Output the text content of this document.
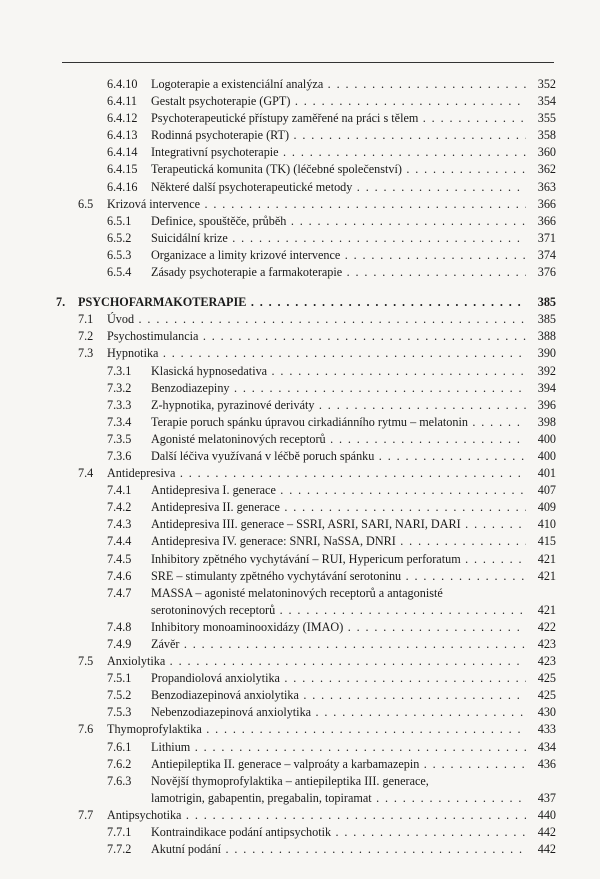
6.4.10 Logoterapie a existenciální analýza . . .	352
6.4.11 Gestalt psychoterapie (GPT) . . .	354
6.4.12 Psychoterapeutické přístupy zaměřené na práci s tělem . . .	355
6.4.13 Rodinná psychoterapie (RT) . . .	358
6.4.14 Integrativní psychoterapie . . .	360
6.4.15 Terapeutická komunita (TK) (léčebné společenství) . . .	362
6.4.16 Některé další psychoterapeutické metody . . .	363
6.5 Krizová intervence . . .	366
6.5.1 Definice, spouštěče, průběh . . .	366
6.5.2 Suicidální krize . . .	371
6.5.3 Organizace a limity krizové intervence . . .	374
6.5.4 Zásady psychoterapie a farmakoterapie . . .	376
7. PSYCHOFARMAKOTERAPIE . . .	385
7.1 Úvod . . .	385
7.2 Psychostimulancia . . .	388
7.3 Hypnotika . . .	390
7.3.1 Klasická hypnosedativa . . .	392
7.3.2 Benzodiazepiny . . .	394
7.3.3 Z-hypnotika, pyrazinové deriváty . . .	396
7.3.4 Terapie poruch spánku úpravou cirkadiánního rytmu – melatonin . . .	398
7.3.5 Agonisté melatoninových receptorů . . .	400
7.3.6 Další léčiva využívaná v léčbě poruch spánku . . .	400
7.4 Antidepresiva . . .	401
7.4.1 Antidepresiva I. generace . . .	407
7.4.2 Antidepresiva II. generace . . .	409
7.4.3 Antidepresiva III. generace – SSRI, ASRI, SARI, NARI, DARI . . .	410
7.4.4 Antidepresiva IV. generace: SNRI, NaSSA, DNRI . . .	415
7.4.5 Inhibitory zpětného vychytávání – RUI, Hypericum perforatum . . .	421
7.4.6 SRE – stimulanty zpětného vychytávání serotoninu . . .	421
7.4.7 MASSA – agonisté melatoninových receptorů a antagonisté
serotoninových receptorů . . .	421
7.4.8 Inhibitory monoaminooxidázy (IMAO) . . .	422
7.4.9 Závěr . . .	423
7.5 Anxiolytika . . .	423
7.5.1 Propandiolová anxiolytika . . .	425
7.5.2 Benzodiazepinová anxiolytika . . .	425
7.5.3 Nebenzodiazepinová anxiolytika . . .	430
7.6 Thymoprofylaktika . . .	433
7.6.1 Lithium . . .	434
7.6.2 Antiepileptika II. generace – valproáty a karbamazepin . . .	436
7.6.3 Novější thymoprofylaktika – antiepileptika III. generace,
lamotrigin, gabapentin, pregabalin, topiramat . . .	437
7.7 Antipsychotika . . .	440
7.7.1 Kontraindikace podání antipsychotik . . .	442
7.7.2 Akutní podání . . .	442
